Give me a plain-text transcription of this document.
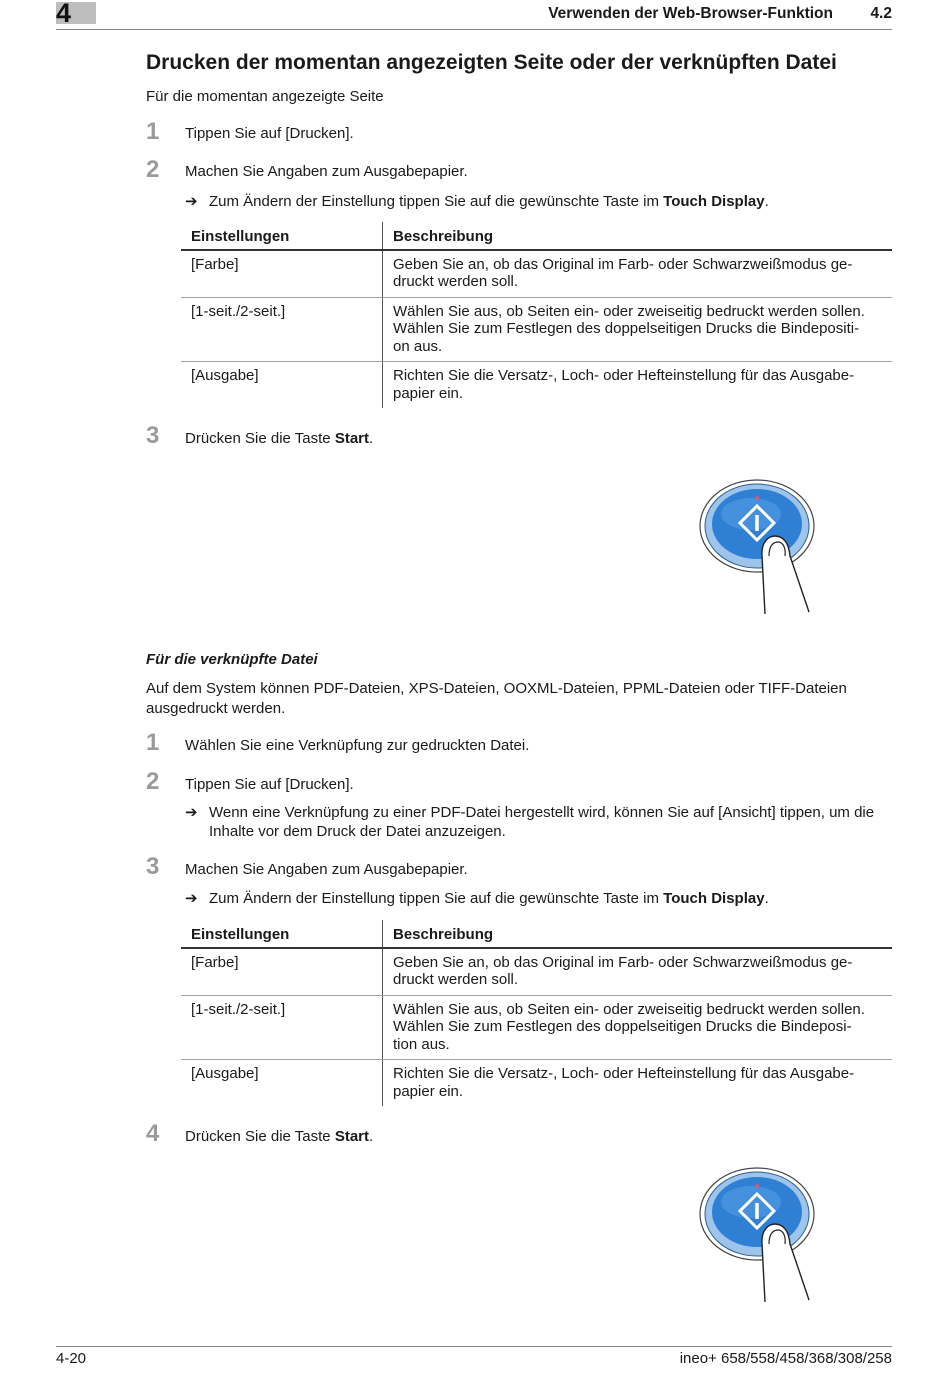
4	Verwenden der Web-Browser-Funktion 4.2
Drucken der momentan angezeigten Seite oder der verknüpften Datei
Für die momentan angezeigte Seite
1 Tippen Sie auf [Drucken].
2 Machen Sie Angaben zum Ausgabepapier.
➔ Zum Ändern der Einstellung tippen Sie auf die gewünschte Taste im Touch Display.
Einstellungen	Beschreibung
[Farbe]	Geben Sie an, ob das Original im Farb- oder Schwarzweißmodus ge-
druckt werden soll.
[1-seit./2-seit.]	Wählen Sie aus, ob Seiten ein- oder zweiseitig bedruckt werden sollen.
Wählen Sie zum Festlegen des doppelseitigen Drucks die Bindepositi-
on aus.
[Ausgabe]	Richten Sie die Versatz-, Loch- oder Hefteinstellung für das Ausgabe-
papier ein.
3 Drücken Sie die Taste Start.
Für die verknüpfte Datei
Auf dem System können PDF-Dateien, XPS-Dateien, OOXML-Dateien, PPML-Dateien oder TIFF-Dateien
ausgedruckt werden.
1 Wählen Sie eine Verknüpfung zur gedruckten Datei.
2 Tippen Sie auf [Drucken].
➔ Wenn eine Verknüpfung zu einer PDF-Datei hergestellt wird, können Sie auf [Ansicht] tippen, um die
Inhalte vor dem Druck der Datei anzuzeigen.
3 Machen Sie Angaben zum Ausgabepapier.
➔ Zum Ändern der Einstellung tippen Sie auf die gewünschte Taste im Touch Display.
Einstellungen	Beschreibung
[Farbe]	Geben Sie an, ob das Original im Farb- oder Schwarzweißmodus ge-
druckt werden soll.
[1-seit./2-seit.]	Wählen Sie aus, ob Seiten ein- oder zweiseitig bedruckt werden sollen.
Wählen Sie zum Festlegen des doppelseitigen Drucks die Bindeposi-
tion aus.
[Ausgabe]	Richten Sie die Versatz-, Loch- oder Hefteinstellung für das Ausgabe-
papier ein.
4 Drücken Sie die Taste Start.
4-20	ineo+ 658/558/458/368/308/258
